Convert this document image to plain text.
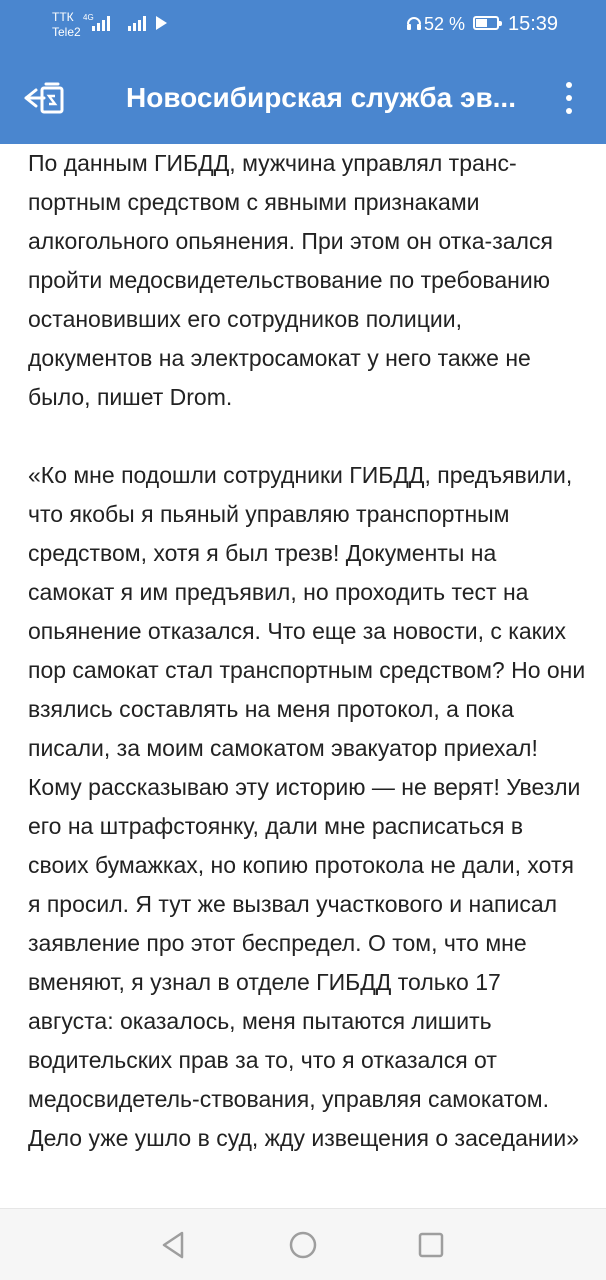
ТТК
Tele2
4G	52 % 15:39
Новосибирская служба эв...

По данным ГИБДД, мужчина управлял транс-портным средством с явными признаками алкогольного опьянения. При этом он отка-зался пройти медосвидетельствование по требованию остановивших его сотрудников полиции, документов на электросамокат у него также не было, пишет Drom.

«Ко мне подошли сотрудники ГИБДД, предъявили, что якобы я пьяный управляю транспортным средством, хотя я был трезв! Документы на самокат я им предъявил, но проходить тест на опьянение отказался. Что еще за новости, с каких пор самокат стал транспортным средством? Но они взялись составлять на меня протокол, а пока писали, за моим самокатом эвакуатор приехал! Кому рассказываю эту историю — не верят! Увезли его на штрафстоянку, дали мне расписаться в своих бумажках, но копию протокола не дали, хотя я просил. Я тут же вызвал участкового и написал заявление про этот беспредел. О том, что мне вменяют, я узнал в отделе ГИБДД только 17 августа: оказалось, меня пытаются лишить водительских прав за то, что я отказался от медосвидетель-ствования, управляя самокатом. Дело уже ушло в суд, жду извещения о заседании»
